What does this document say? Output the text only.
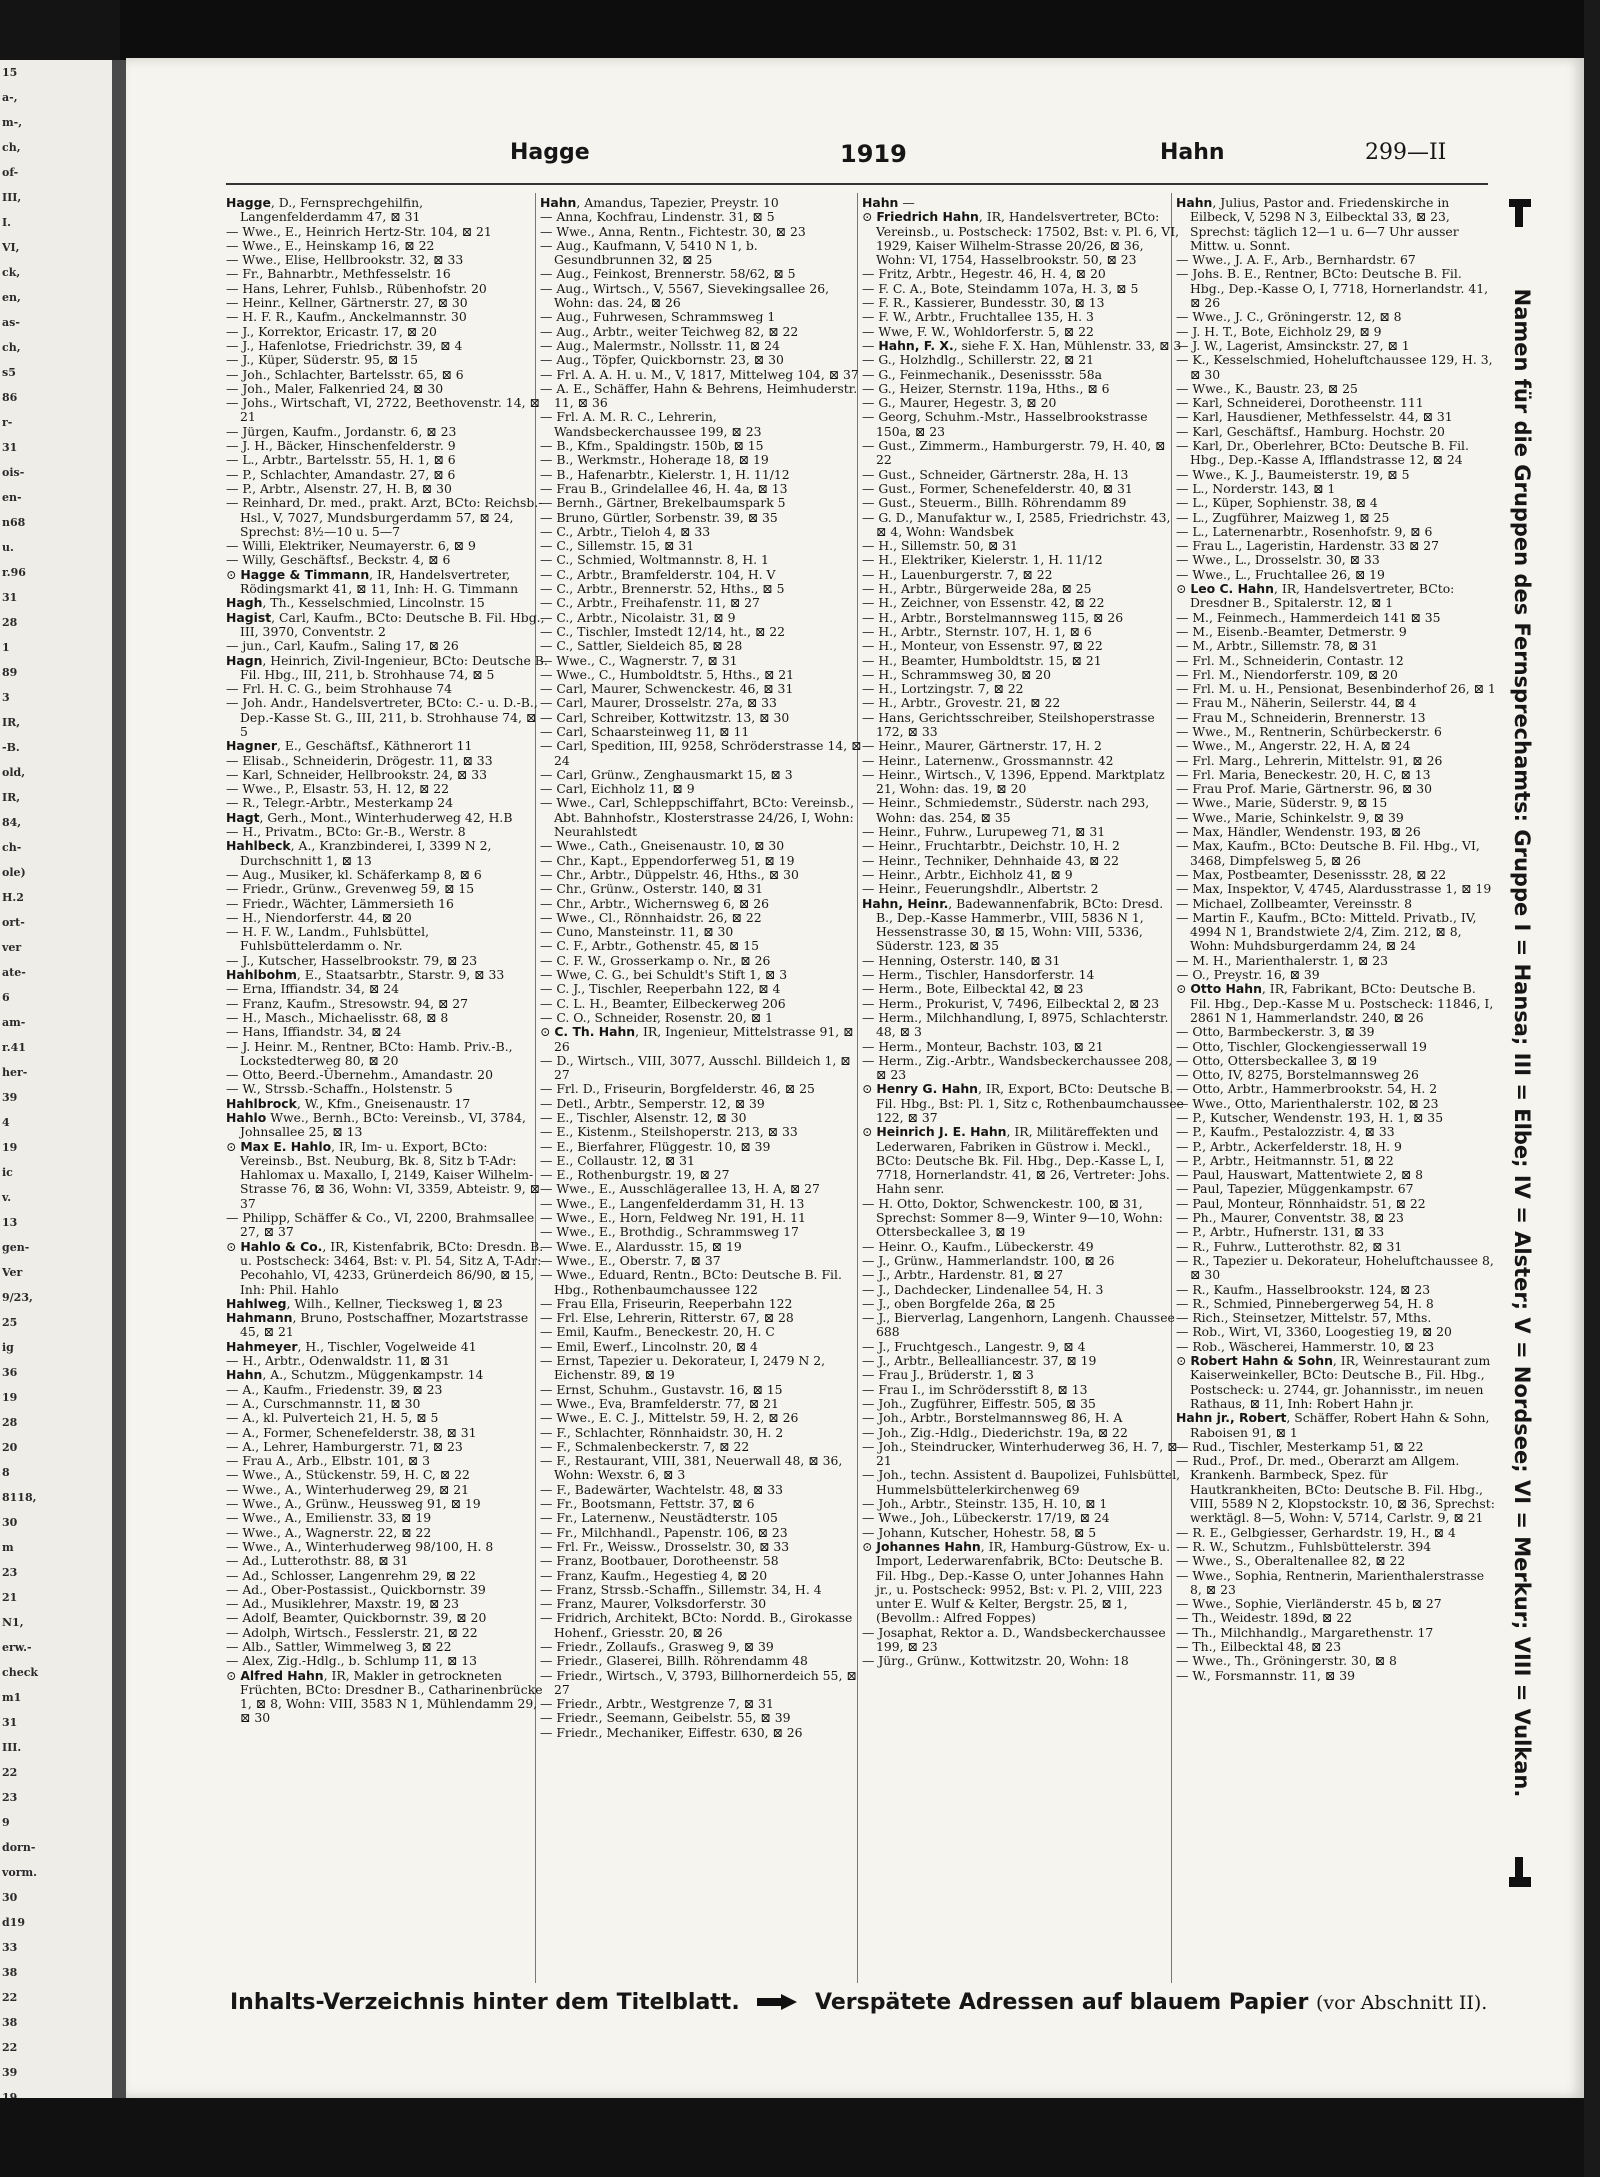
15
a-,
m-,
ch,
of-
III,
I.
VI,
ck,
en,
as-
ch,
s5
86
r-
31
ois-
en-
n68
u.
r.96
31
28
1
89
3
IR,
-B.
old,
IR,
84,
ch-
ole)
H.2
ort-
ver
ate-
6
am-
r.41
her-
39
4
19
ic
v.
13
gen-
Ver
9/23,
25
ig
36
19
28
20
8
8118,
30
m
23
21
N1,
erw.-
check
m1
31
III.
22
23
9
dorn-
vorm.
30
d19
33
38
22
38
22
39
Hagge	1919	Hahn	299—II

Hagge, D., Fernsprechgehilfin, Langenfelderdamm 47, ⊠ 31

— Wwe., E., Heinrich Hertz-Str. 104, ⊠ 21

— Wwe., E., Heinskamp 16, ⊠ 22

— Wwe., Elise, Hellbrookstr. 32, ⊠ 33

— Fr., Bahnarbtr., Methfesselstr. 16

— Hans, Lehrer, Fuhlsb., Rübenhofstr. 20

— Heinr., Kellner, Gärtnerstr. 27, ⊠ 30

— H. F. R., Kaufm., Anckelmannstr. 30

— J., Korrektor, Ericastr. 17, ⊠ 20

— J., Hafenlotse, Friedrichstr. 39, ⊠ 4

— J., Küper, Süderstr. 95, ⊠ 15

— Joh., Schlachter, Bartelsstr. 65, ⊠ 6

— Joh., Maler, Falkenried 24, ⊠ 30

— Johs., Wirtschaft, VI, 2722, Beethovenstr. 14, ⊠ 21

— Jürgen, Kaufm., Jordanstr. 6, ⊠ 23

— J. H., Bäcker, Hinschenfelderstr. 9

— L., Arbtr., Bartelsstr. 55, H. 1, ⊠ 6

— P., Schlachter, Amandastr. 27, ⊠ 6

— P., Arbtr., Alsenstr. 27, H. B, ⊠ 30

— Reinhard, Dr. med., prakt. Arzt, BCto: Reichsb.-Hsl., V, 7027, Mundsburgerdamm 57, ⊠ 24, Sprechst: 8½—10 u. 5—7

— Willi, Elektriker, Neumayerstr. 6, ⊠ 9

— Willy, Geschäftsf., Beckstr. 4, ⊠ 6

⊙ Hagge & Timmann, IR, Handelsvertreter, Rödingsmarkt 41, ⊠ 11, Inh: H. G. Timmann

Hagh, Th., Kesselschmied, Lincolnstr. 15

Hagist, Carl, Kaufm., BCto: Deutsche B. Fil. Hbg., III, 3970, Conventstr. 2

— jun., Carl, Kaufm., Saling 17, ⊠ 26

Hagn, Heinrich, Zivil-Ingenieur, BCto: Deutsche B. Fil. Hbg., III, 211, b. Strohhause 74, ⊠ 5

— Frl. H. C. G., beim Strohhause 74

— Joh. Andr., Handelsvertreter, BCto: C.- u. D.-B., Dep.-Kasse St. G., III, 211, b. Strohhause 74, ⊠ 5

Hagner, E., Geschäftsf., Käthnerort 11

— Elisab., Schneiderin, Drögestr. 11, ⊠ 33

— Karl, Schneider, Hellbrookstr. 24, ⊠ 33

— Wwe., P., Elsastr. 53, H. 12, ⊠ 22

— R., Telegr.-Arbtr., Mesterkamp 24

Hagt, Gerh., Mont., Winterhuderweg 42, H.B

— H., Privatm., BCto: Gr.-B., Werstr. 8

Hahlbeck, A., Kranzbinderei, I, 3399 N 2, Durchschnitt 1, ⊠ 13

— Aug., Musiker, kl. Schäferkamp 8, ⊠ 6

— Friedr., Grünw., Grevenweg 59, ⊠ 15

— Friedr., Wächter, Lämmersieth 16

— H., Niendorferstr. 44, ⊠ 20

— H. F. W., Landm., Fuhlsbüttel, Fuhlsbüttelerdamm o. Nr.

— J., Kutscher, Hasselbrookstr. 79, ⊠ 23

Hahlbohm, E., Staatsarbtr., Starstr. 9, ⊠ 33

— Erna, Iffiandstr. 34, ⊠ 24

— Franz, Kaufm., Stresowstr. 94, ⊠ 27

— H., Masch., Michaelisstr. 68, ⊠ 8

— Hans, Iffiandstr. 34, ⊠ 24

— J. Heinr. M., Rentner, BCto: Hamb. Priv.-B., Lockstedterweg 80, ⊠ 20

— Otto, Beerd.-Übernehm., Amandastr. 20

— W., Strssb.-Schaffn., Holstenstr. 5

Hahlbrock, W., Kfm., Gneisenaustr. 17

Hahlo Wwe., Bernh., BCto: Vereinsb., VI, 3784, Johnsallee 25, ⊠ 13

⊙ Max E. Hahlo, IR, Im- u. Export, BCto: Vereinsb., Bst. Neuburg, Bk. 8, Sitz b T-Adr: Hahlomax u. Maxallo, I, 2149, Kaiser Wilhelm-Strasse 76, ⊠ 36, Wohn: VI, 3359, Abteistr. 9, ⊠ 37

— Philipp, Schäffer & Co., VI, 2200, Brahmsallee 27, ⊠ 37

⊙ Hahlo & Co., IR, Kistenfabrik, BCto: Dresdn. B. u. Postscheck: 3464, Bst: v. Pl. 54, Sitz A, T-Adr: Pecohahlo, VI, 4233, Grünerdeich 86/90, ⊠ 15, Inh: Phil. Hahlo

Hahlweg, Wilh., Kellner, Tiecksweg 1, ⊠ 23

Hahmann, Bruno, Postschaffner, Mozartstrasse 45, ⊠ 21

Hahmeyer, H., Tischler, Vogelweide 41

— H., Arbtr., Odenwaldstr. 11, ⊠ 31

Hahn, A., Schutzm., Müggenkampstr. 14

— A., Kaufm., Friedenstr. 39, ⊠ 23

— A., Curschmannstr. 11, ⊠ 30

— A., kl. Pulverteich 21, H. 5, ⊠ 5

— A., Former, Schenefelderstr. 38, ⊠ 31

— A., Lehrer, Hamburgerstr. 71, ⊠ 23

— Frau A., Arb., Elbstr. 101, ⊠ 3

— Wwe., A., Stückenstr. 59, H. C, ⊠ 22

— Wwe., A., Winterhuderweg 29, ⊠ 21

— Wwe., A., Grünw., Heussweg 91, ⊠ 19

— Wwe., A., Emilienstr. 33, ⊠ 19

— Wwe., A., Wagnerstr. 22, ⊠ 22

— Wwe., A., Winterhuderweg 98/100, H. 8

— Ad., Lutterothstr. 88, ⊠ 31

— Ad., Schlosser, Langenrehm 29, ⊠ 22

— Ad., Ober-Postassist., Quickbornstr. 39

— Ad., Musiklehrer, Maxstr. 19, ⊠ 23

— Adolf, Beamter, Quickbornstr. 39, ⊠ 20

— Adolph, Wirtsch., Fesslerstr. 21, ⊠ 22

— Alb., Sattler, Wimmelweg 3, ⊠ 22

— Alex, Zig.-Hdlg., b. Schlump 11, ⊠ 13

⊙ Alfred Hahn, IR, Makler in getrockneten Früchten, BCto: Dresdner B., Catharinenbrücke 1, ⊠ 8, Wohn: VIII, 3583 N 1, Mühlendamm 29, ⊠ 30

Hahn, Amandus, Tapezier, Preystr. 10

— Anna, Kochfrau, Lindenstr. 31, ⊠ 5

— Wwe., Anna, Rentn., Fichtestr. 30, ⊠ 23

— Aug., Kaufmann, V, 5410 N 1, b. Gesundbrunnen 32, ⊠ 25

— Aug., Feinkost, Brennerstr. 58/62, ⊠ 5

— Aug., Wirtsch., V, 5567, Sievekingsallee 26, Wohn: das. 24, ⊠ 26

— Aug., Fuhrwesen, Schrammsweg 1

— Aug., Arbtr., weiter Teichweg 82, ⊠ 22

— Aug., Malermstr., Nollsstr. 11, ⊠ 24

— Aug., Töpfer, Quickbornstr. 23, ⊠ 30

— Frl. A. A. H. u. M., V, 1817, Mittelweg 104, ⊠ 37

— A. E., Schäffer, Hahn & Behrens, Heimhuderstr. 11, ⊠ 36

— Frl. A. M. R. C., Lehrerin, Wandsbeckerchaussee 199, ⊠ 23

— B., Kfm., Spaldingstr. 150b, ⊠ 15

— B., Werkmstr., Hoheraде 18, ⊠ 19

— B., Hafenarbtr., Kielerstr. 1, H. 11/12

— Frau B., Grindelallee 46, H. 4a, ⊠ 13

— Bernh., Gärtner, Brekelbaumspark 5

— Bruno, Gürtler, Sorbenstr. 39, ⊠ 35

— C., Arbtr., Tieloh 4, ⊠ 33

— C., Sillemstr. 15, ⊠ 31

— C., Schmied, Woltmannstr. 8, H. 1

— C., Arbtr., Bramfelderstr. 104, H. V

— C., Arbtr., Brennerstr. 52, Hths., ⊠ 5

— C., Arbtr., Freihafenstr. 11, ⊠ 27

— C., Arbtr., Nicolaistr. 31, ⊠ 9

— C., Tischler, Imstedt 12/14, ht., ⊠ 22

— C., Sattler, Sieldeich 85, ⊠ 28

— Wwe., C., Wagnerstr. 7, ⊠ 31

— Wwe., C., Humboldtstr. 5, Hths., ⊠ 21

— Carl, Maurer, Schwenckestr. 46, ⊠ 31

— Carl, Maurer, Drosselstr. 27a, ⊠ 33

— Carl, Schreiber, Kottwitzstr. 13, ⊠ 30

— Carl, Schaarsteinweg 11, ⊠ 11

— Carl, Spedition, III, 9258, Schröderstrasse 14, ⊠ 24

— Carl, Grünw., Zenghausmarkt 15, ⊠ 3

— Carl, Eichholz 11, ⊠ 9

— Wwe., Carl, Schleppschiffahrt, BCto: Vereinsb., Abt. Bahnhofstr., Klosterstrasse 24/26, I, Wohn: Neurahlstedt

— Wwe., Cath., Gneisenaustr. 10, ⊠ 30

— Chr., Kapt., Eppendorferweg 51, ⊠ 19

— Chr., Arbtr., Düppelstr. 46, Hths., ⊠ 30

— Chr., Grünw., Osterstr. 140, ⊠ 31

— Chr., Arbtr., Wichernsweg 6, ⊠ 26

— Wwe., Cl., Rönnhaidstr. 26, ⊠ 22

— Cuno, Mansteinstr. 11, ⊠ 30

— C. F., Arbtr., Gothenstr. 45, ⊠ 15

— C. F. W., Grosserkamp o. Nr., ⊠ 26

— Wwe, C. G., bei Schuldt's Stift 1, ⊠ 3

— C. J., Tischler, Reeperbahn 122, ⊠ 4

— C. L. H., Beamter, Eilbeckerweg 206

— C. O., Schneider, Rosenstr. 20, ⊠ 1

⊙ C. Th. Hahn, IR, Ingenieur, Mittelstrasse 91, ⊠ 26

— D., Wirtsch., VIII, 3077, Ausschl. Billdeich 1, ⊠ 27

— Frl. D., Friseurin, Borgfelderstr. 46, ⊠ 25

— Detl., Arbtr., Semperstr. 12, ⊠ 39

— E., Tischler, Alsenstr. 12, ⊠ 30

— E., Kistenm., Steilshoperstr. 213, ⊠ 33

— E., Bierfahrer, Flüggestr. 10, ⊠ 39

— E., Collaustr. 12, ⊠ 31

— E., Rothenburgstr. 19, ⊠ 27

— Wwe., E., Ausschlägerallee 13, H. A, ⊠ 27

— Wwe., E., Langenfelderdamm 31, H. 13

— Wwe., E., Horn, Feldweg Nr. 191, H. 11

— Wwe., E., Brothdig., Schrammsweg 17

— Wwe. E., Alardusstr. 15, ⊠ 19

— Wwe., E., Oberstr. 7, ⊠ 37

— Wwe., Eduard, Rentn., BCto: Deutsche B. Fil. Hbg., Rothenbaumchaussee 122

— Frau Ella, Friseurin, Reeperbahn 122

— Frl. Else, Lehrerin, Ritterstr. 67, ⊠ 28

— Emil, Kaufm., Beneckestr. 20, H. C

— Emil, Ewerf., Lincolnstr. 20, ⊠ 4

— Ernst, Tapezier u. Dekorateur, I, 2479 N 2, Eichenstr. 89, ⊠ 19

— Ernst, Schuhm., Gustavstr. 16, ⊠ 15

— Wwe., Eva, Bramfelderstr. 77, ⊠ 21

— Wwe., E. C. J., Mittelstr. 59, H. 2, ⊠ 26

— F., Schlachter, Rönnhaidstr. 30, H. 2

— F., Schmalenbeckerstr. 7, ⊠ 22

— F., Restaurant, VIII, 381, Neuerwall 48, ⊠ 36, Wohn: Wexstr. 6, ⊠ 3

— F., Badewärter, Wachtelstr. 48, ⊠ 33

— Fr., Bootsmann, Fettstr. 37, ⊠ 6

— Fr., Laternenw., Neustädterstr. 105

— Fr., Milchhandl., Papenstr. 106, ⊠ 23

— Frl. Fr., Weissw., Drosselstr. 30, ⊠ 33

— Franz, Bootbauer, Dorotheenstr. 58

— Franz, Kaufm., Hegestieg 4, ⊠ 20

— Franz, Strssb.-Schaffn., Sillemstr. 34, H. 4

— Franz, Maurer, Volksdorferstr. 30

— Fridrich, Architekt, BCto: Nordd. B., Girokasse Hohenf., Griesstr. 20, ⊠ 26

— Friedr., Zollaufs., Grasweg 9, ⊠ 39

— Friedr., Glaserei, Billh. Röhrendamm 48

— Friedr., Wirtsch., V, 3793, Billhornerdeich 55, ⊠ 27

— Friedr., Arbtr., Westgrenze 7, ⊠ 31

— Friedr., Seemann, Geibelstr. 55, ⊠ 39

— Friedr., Mechaniker, Eiffestr. 630, ⊠ 26

Hahn —

⊙ Friedrich Hahn, IR, Handelsvertreter, BCto: Vereinsb., u. Postscheck: 17502, Bst: v. Pl. 6, VI, 1929, Kaiser Wilhelm-Strasse 20/26, ⊠ 36, Wohn: VI, 1754, Hasselbrookstr. 50, ⊠ 23

— Fritz, Arbtr., Hegestr. 46, H. 4, ⊠ 20

— F. C. A., Bote, Steindamm 107a, H. 3, ⊠ 5

— F. R., Kassierer, Bundesstr. 30, ⊠ 13

— F. W., Arbtr., Fruchtallee 135, H. 3

— Wwe, F. W., Wohldorferstr. 5, ⊠ 22

— Hahn, F. X., siehe F. X. Han, Mühlenstr. 33, ⊠ 3

— G., Holzhdlg., Schillerstr. 22, ⊠ 21

— G., Feinmechanik., Desenissstr. 58a

— G., Heizer, Sternstr. 119a, Hths., ⊠ 6

— G., Maurer, Hegestr. 3, ⊠ 20

— Georg, Schuhm.-Mstr., Hasselbrookstrasse 150a, ⊠ 23

— Gust., Zimmerm., Hamburgerstr. 79, H. 40, ⊠ 22

— Gust., Schneider, Gärtnerstr. 28a, H. 13

— Gust., Former, Schenefelderstr. 40, ⊠ 31

— Gust., Steuerm., Billh. Röhrendamm 89

— G. D., Manufaktur w., I, 2585, Friedrichstr. 43, ⊠ 4, Wohn: Wandsbek

— H., Sillemstr. 50, ⊠ 31

— H., Elektriker, Kielerstr. 1, H. 11/12

— H., Lauenburgerstr. 7, ⊠ 22

— H., Arbtr., Bürgerweide 28a, ⊠ 25

— H., Zeichner, von Essenstr. 42, ⊠ 22

— H., Arbtr., Borstelmannsweg 115, ⊠ 26

— H., Arbtr., Sternstr. 107, H. 1, ⊠ 6

— H., Monteur, von Essenstr. 97, ⊠ 22

— H., Beamter, Humboldtstr. 15, ⊠ 21

— H., Schrammsweg 30, ⊠ 20

— H., Lortzingstr. 7, ⊠ 22

— H., Arbtr., Grovestr. 21, ⊠ 22

— Hans, Gerichtsschreiber, Steilshoperstrasse 172, ⊠ 33

— Heinr., Maurer, Gärtnerstr. 17, H. 2

— Heinr., Laternenw., Grossmannstr. 42

— Heinr., Wirtsch., V, 1396, Eppend. Marktplatz 21, Wohn: das. 19, ⊠ 20

— Heinr., Schmiedemstr., Süderstr. nach 293, Wohn: das. 254, ⊠ 35

— Heinr., Fuhrw., Lurupeweg 71, ⊠ 31

— Heinr., Fruchtarbtr., Deichstr. 10, H. 2

— Heinr., Techniker, Dehnhaide 43, ⊠ 22

— Heinr., Arbtr., Eichholz 41, ⊠ 9

— Heinr., Feuerungshdlr., Albertstr. 2

Hahn, Heinr., Badewannenfabrik, BCto: Dresd. B., Dep.-Kasse Hammerbr., VIII, 5836 N 1, Hessenstrasse 30, ⊠ 15, Wohn: VIII, 5336, Süderstr. 123, ⊠ 35

— Henning, Osterstr. 140, ⊠ 31

— Herm., Tischler, Hansdorferstr. 14

— Herm., Bote, Eilbecktal 42, ⊠ 23

— Herm., Prokurist, V, 7496, Eilbecktal 2, ⊠ 23

— Herm., Milchhandlung, I, 8975, Schlachterstr. 48, ⊠ 3

— Herm., Monteur, Bachstr. 103, ⊠ 21

— Herm., Zig.-Arbtr., Wandsbeckerchaussee 208, ⊠ 23

⊙ Henry G. Hahn, IR, Export, BCto: Deutsche B. Fil. Hbg., Bst: Pl. 1, Sitz c, Rothenbaumchaussee 122, ⊠ 37

⊙ Heinrich J. E. Hahn, IR, Militäreffekten und Lederwaren, Fabriken in Güstrow i. Meckl., BCto: Deutsche Bk. Fil. Hbg., Dep.-Kasse L, I, 7718, Hornerlandstr. 41, ⊠ 26, Vertreter: Johs. Hahn senr.

— H. Otto, Doktor, Schwenckestr. 100, ⊠ 31, Sprechst: Sommer 8—9, Winter 9—10, Wohn: Ottersbeckallee 3, ⊠ 19

— Heinr. O., Kaufm., Lübeckerstr. 49

— J., Grünw., Hammerlandstr. 100, ⊠ 26

— J., Arbtr., Hardenstr. 81, ⊠ 27

— J., Dachdecker, Lindenallee 54, H. 3

— J., oben Borgfelde 26a, ⊠ 25

— J., Bierverlag, Langenhorn, Langenh. Chaussee 688

— J., Fruchtgesch., Langestr. 9, ⊠ 4

— J., Arbtr., Bellealliancestr. 37, ⊠ 19

— Frau J., Brüderstr. 1, ⊠ 3

— Frau I., im Schrödersstift 8, ⊠ 13

— Joh., Zugführer, Eiffestr. 505, ⊠ 35

— Joh., Arbtr., Borstelmannsweg 86, H. A

— Joh., Zig.-Hdlg., Diederichstr. 19a, ⊠ 22

— Joh., Steindrucker, Winterhuderweg 36, H. 7, ⊠ 21

— Joh., techn. Assistent d. Baupolizei, Fuhlsbüttel, Hummelsbüttelerkirchenweg 69

— Joh., Arbtr., Steinstr. 135, H. 10, ⊠ 1

— Wwe., Joh., Lübeckerstr. 17/19, ⊠ 24

— Johann, Kutscher, Hohestr. 58, ⊠ 5

⊙ Johannes Hahn, IR, Hamburg-Güstrow, Ex- u. Import, Lederwarenfabrik, BCto: Deutsche B. Fil. Hbg., Dep.-Kasse O, unter Johannes Hahn jr., u. Postscheck: 9952, Bst: v. Pl. 2, VIII, 223 unter E. Wulf & Kelter, Bergstr. 25, ⊠ 1, (Bevollm.: Alfred Foppes)

— Josaphat, Rektor a. D., Wandsbeckerchaussee 199, ⊠ 23

— Jürg., Grünw., Kottwitzstr. 20, Wohn: 18

Hahn, Julius, Pastor and. Friedenskirche in Eilbeck, V, 5298 N 3, Eilbecktal 33, ⊠ 23, Sprechst: täglich 12—1 u. 6—7 Uhr ausser Mittw. u. Sonnt.

— Wwe., J. A. F., Arb., Bernhardstr. 67

— Johs. B. E., Rentner, BCto: Deutsche B. Fil. Hbg., Dep.-Kasse O, I, 7718, Hornerlandstr. 41, ⊠ 26

— Wwe., J. C., Gröningerstr. 12, ⊠ 8

— J. H. T., Bote, Eichholz 29, ⊠ 9

— J. W., Lagerist, Amsinckstr. 27, ⊠ 1

— K., Kesselschmied, Hoheluftchaussee 129, H. 3, ⊠ 30

— Wwe., K., Baustr. 23, ⊠ 25

— Karl, Schneiderei, Dorotheenstr. 111

— Karl, Hausdiener, Methfesselstr. 44, ⊠ 31

— Karl, Geschäftsf., Hamburg. Hochstr. 20

— Karl, Dr., Oberlehrer, BCto: Deutsche B. Fil. Hbg., Dep.-Kasse A, Ifflandstrasse 12, ⊠ 24

— Wwe., K. J., Baumeisterstr. 19, ⊠ 5

— L., Norderstr. 143, ⊠ 1

— L., Küper, Sophienstr. 38, ⊠ 4

— L., Zugführer, Maizweg 1, ⊠ 25

— L., Laternenarbtr., Rosenhofstr. 9, ⊠ 6

— Frau L., Lageristin, Hardenstr. 33 ⊠ 27

— Wwe., L., Drosselstr. 30, ⊠ 33

— Wwe., L., Fruchtallee 26, ⊠ 19

⊙ Leo C. Hahn, IR, Handelsvertreter, BCto: Dresdner B., Spitalerstr. 12, ⊠ 1

— M., Feinmech., Hammerdeich 141 ⊠ 35

— M., Eisenb.-Beamter, Detmerstr. 9

— M., Arbtr., Sillemstr. 78, ⊠ 31

— Frl. M., Schneiderin, Contastr. 12

— Frl. M., Niendorferstr. 109, ⊠ 20

— Frl. M. u. H., Pensionat, Besenbinderhof 26, ⊠ 1

— Frau M., Näherin, Seilerstr. 44, ⊠ 4

— Frau M., Schneiderin, Brennerstr. 13

— Wwe., M., Rentnerin, Schürbeckerstr. 6

— Wwe., M., Angerstr. 22, H. A, ⊠ 24

— Frl. Marg., Lehrerin, Mittelstr. 91, ⊠ 26

— Frl. Maria, Beneckestr. 20, H. C, ⊠ 13

— Frau Prof. Marie, Gärtnerstr. 96, ⊠ 30

— Wwe., Marie, Süderstr. 9, ⊠ 15

— Wwe., Marie, Schinkelstr. 9, ⊠ 39

— Max, Händler, Wendenstr. 193, ⊠ 26

— Max, Kaufm., BCto: Deutsche B. Fil. Hbg., VI, 3468, Dimpfelsweg 5, ⊠ 26

— Max, Postbeamter, Desenissstr. 28, ⊠ 22

— Max, Inspektor, V, 4745, Alardusstrasse 1, ⊠ 19

— Michael, Zollbeamter, Vereinsstr. 8

— Martin F., Kaufm., BCto: Mitteld. Privatb., IV, 4994 N 1, Brandstwiete 2/4, Zim. 212, ⊠ 8, Wohn: Muhdsburgerdamm 24, ⊠ 24

— M. H., Marienthalerstr. 1, ⊠ 23

— O., Preystr. 16, ⊠ 39

⊙ Otto Hahn, IR, Fabrikant, BCto: Deutsche B. Fil. Hbg., Dep.-Kasse M u. Postscheck: 11846, I, 2861 N 1, Hammerlandstr. 240, ⊠ 26

— Otto, Barmbeckerstr. 3, ⊠ 39

— Otto, Tischler, Glockengiesserwall 19

— Otto, Ottersbeckallee 3, ⊠ 19

— Otto, IV, 8275, Borstelmannsweg 26

— Otto, Arbtr., Hammerbrookstr. 54, H. 2

— Wwe., Otto, Marienthalerstr. 102, ⊠ 23

— P., Kutscher, Wendenstr. 193, H. 1, ⊠ 35

— P., Kaufm., Pestalozzistr. 4, ⊠ 33

— P., Arbtr., Ackerfelderstr. 18, H. 9

— P., Arbtr., Heitmannstr. 51, ⊠ 22

— Paul, Hauswart, Mattentwiete 2, ⊠ 8

— Paul, Tapezier, Müggenkampstr. 67

— Paul, Monteur, Rönnhaidstr. 51, ⊠ 22

— Ph., Maurer, Conventstr. 38, ⊠ 23

— P., Arbtr., Hufnerstr. 131, ⊠ 33

— R., Fuhrw., Lutterothstr. 82, ⊠ 31

— R., Tapezier u. Dekorateur, Hoheluftchaussee 8, ⊠ 30

— R., Kaufm., Hasselbrookstr. 124, ⊠ 23

— R., Schmied, Pinnebergerweg 54, H. 8

— Rich., Steinsetzer, Mittelstr. 57, Mths.

— Rob., Wirt, VI, 3360, Loogestieg 19, ⊠ 20

— Rob., Wäscherei, Hammerstr. 10, ⊠ 23

⊙ Robert Hahn & Sohn, IR, Weinrestaurant zum Kaiserweinkeller, BCto: Deutsche B., Fil. Hbg., Postscheck: u. 2744, gr. Johannisstr., im neuen Rathaus, ⊠ 11, Inh: Robert Hahn jr.

Hahn jr., Robert, Schäffer, Robert Hahn & Sohn, Raboisen 91, ⊠ 1

— Rud., Tischler, Mesterkamp 51, ⊠ 22

— Rud., Prof., Dr. med., Oberarzt am Allgem. Krankenh. Barmbeck, Spez. für Hautkrankheiten, BCto: Deutsche B. Fil. Hbg., VIII, 5589 N 2, Klopstockstr. 10, ⊠ 36, Sprechst: werktägl. 8—5, Wohn: V, 5714, Carlstr. 9, ⊠ 21

— R. E., Gelbgiesser, Gerhardstr. 19, H., ⊠ 4

— R. W., Schutzm., Fuhlsbüttelerstr. 394

— Wwe., S., Oberaltenallee 82, ⊠ 22

— Wwe., Sophia, Rentnerin, Marienthalerstrasse 8, ⊠ 23

— Wwe., Sophie, Vierländerstr. 45 b, ⊠ 27

— Th., Weidestr. 189d, ⊠ 22

— Th., Milchhandlg., Margarethenstr. 17

— Th., Eilbecktal 48, ⊠ 23

— Wwe., Th., Gröningerstr. 30, ⊠ 8

— W., Forsmannstr. 11, ⊠ 39	Namen für die Gruppen des Fernsprechamts: Gruppe I = Hansa; III = Elbe; IV = Alster; V = Nordsee; VI = Merkur; VIII = Vulkan.
Inhalts-Verzeichnis hinter dem Titelblatt.	Verspätete Adressen auf blauem Papier (vor Abschnitt II).
